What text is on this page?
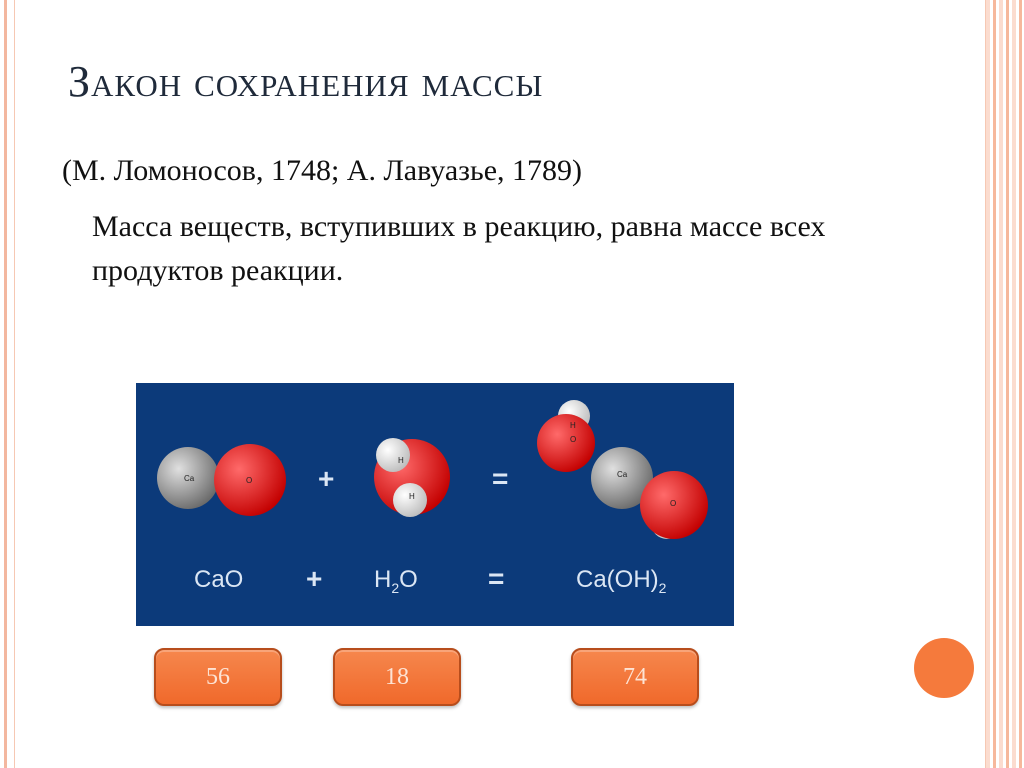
Закон сохранения массы

(М. Ломоносов, 1748; А. Лавуазье, 1789)

Масса веществ, вступивших в реакцию, равна массе всех продуктов реакции.

Ca	O
H
H
H
O
Ca
O
+	=
CaO + $H_2O$	=	$Ca(OH)_2$
56	18	74
